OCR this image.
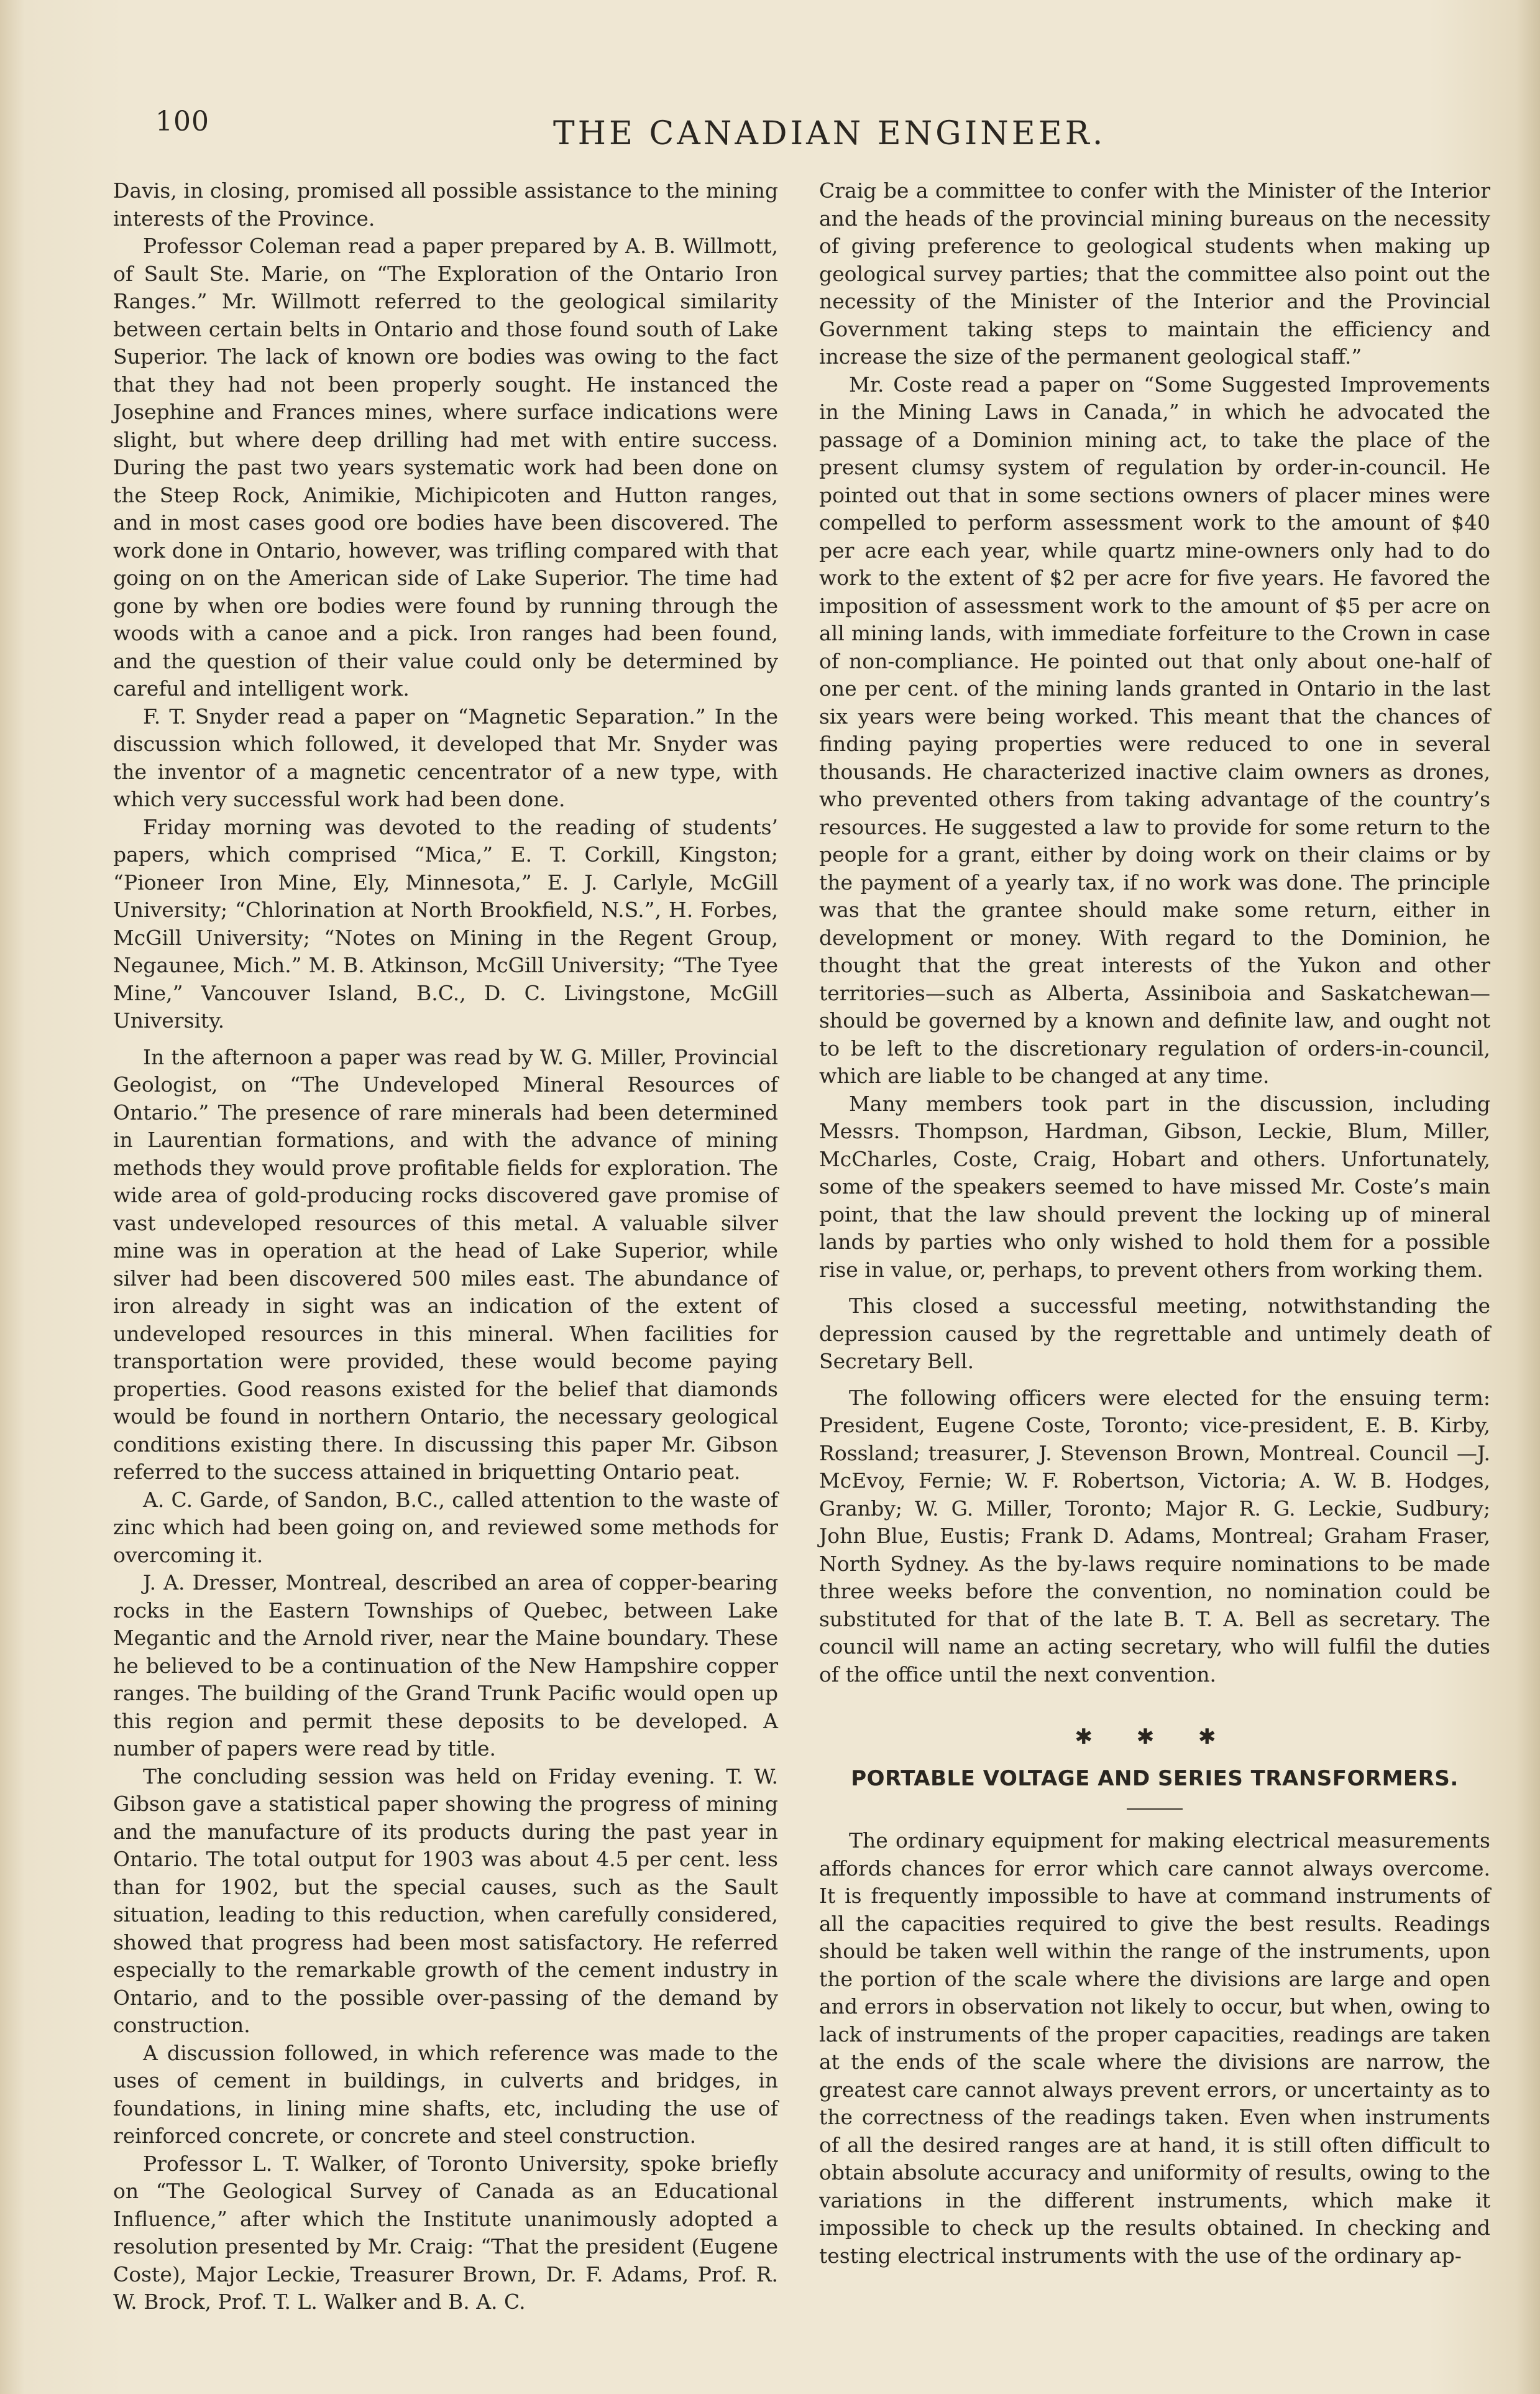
100	THE CANADIAN ENGINEER.

Davis, in closing, promised all possible assistance to the mining interests of the Province.

Professor Coleman read a paper prepared by A. B. Willmott, of Sault Ste. Marie, on “The Exploration of the Ontario Iron Ranges.” Mr. Willmott referred to the geological similarity between certain belts in Ontario and those found south of Lake Superior. The lack of known ore bodies was owing to the fact that they had not been properly sought. He instanced the Josephine and Frances mines, where surface indications were slight, but where deep drilling had met with entire success. During the past two years systematic work had been done on the Steep Rock, Animikie, Michipicoten and Hutton ranges, and in most cases good ore bodies have been discovered. The work done in Ontario, however, was trifling compared with that going on on the American side of Lake Superior. The time had gone by when ore bodies were found by running through the woods with a canoe and a pick. Iron ranges had been found, and the question of their value could only be determined by careful and intelligent work.

F. T. Snyder read a paper on “Magnetic Separation.” In the discussion which followed, it developed that Mr. Snyder was the inventor of a magnetic cencentrator of a new type, with which very successful work had been done.

Friday morning was devoted to the reading of students’ papers, which comprised “Mica,” E. T. Corkill, Kingston; “Pioneer Iron Mine, Ely, Minnesota,” E. J. Carlyle, McGill University; “Chlorination at North Brookfield, N.S.”, H. Forbes, McGill University; “Notes on Mining in the Regent Group, Negaunee, Mich.” M. B. Atkinson, McGill University; “The Tyee Mine,” Vancouver Island, B.C., D. C. Livingstone, McGill University.

In the afternoon a paper was read by W. G. Miller, Provincial Geologist, on “The Undeveloped Mineral Resources of Ontario.” The presence of rare minerals had been determined in Laurentian formations, and with the advance of mining methods they would prove profitable fields for exploration. The wide area of gold-producing rocks discovered gave promise of vast undeveloped resources of this metal. A valuable silver mine was in operation at the head of Lake Superior, while silver had been discovered 500 miles east. The abundance of iron already in sight was an indication of the extent of undeveloped resources in this mineral. When facilities for transportation were provided, these would become paying properties. Good reasons existed for the belief that diamonds would be found in northern Ontario, the necessary geological conditions existing there. In discussing this paper Mr. Gibson referred to the success attained in briquetting Ontario peat.

A. C. Garde, of Sandon, B.C., called attention to the waste of zinc which had been going on, and reviewed some methods for overcoming it.

J. A. Dresser, Montreal, described an area of copper-bearing rocks in the Eastern Townships of Quebec, between Lake Megantic and the Arnold river, near the Maine boundary. These he believed to be a continuation of the New Hampshire copper ranges. The building of the Grand Trunk Pacific would open up this region and permit these deposits to be developed. A number of papers were read by title.

The concluding session was held on Friday evening. T. W. Gibson gave a statistical paper showing the progress of mining and the manufacture of its products during the past year in Ontario. The total output for 1903 was about 4.5 per cent. less than for 1902, but the special causes, such as the Sault situation, leading to this reduction, when carefully considered, showed that progress had been most satisfactory. He referred especially to the remarkable growth of the cement industry in Ontario, and to the possible over-passing of the demand by construction.

A discussion followed, in which reference was made to the uses of cement in buildings, in culverts and bridges, in foundations, in lining mine shafts, etc, including the use of reinforced concrete, or concrete and steel construction.

Professor L. T. Walker, of Toronto University, spoke briefly on “The Geological Survey of Canada as an Educational Influence,” after which the Institute unanimously adopted a resolution presented by Mr. Craig: “That the president (Eugene Coste), Major Leckie, Treasurer Brown, Dr. F. Adams, Prof. R. W. Brock, Prof. T. L. Walker and B. A. C.

Craig be a committee to confer with the Minister of the Interior and the heads of the provincial mining bureaus on the necessity of giving preference to geological students when making up geological survey parties; that the committee also point out the necessity of the Minister of the Interior and the Provincial Government taking steps to maintain the efficiency and increase the size of the permanent geological staff.”

Mr. Coste read a paper on “Some Suggested Improvements in the Mining Laws in Canada,” in which he advocated the passage of a Dominion mining act, to take the place of the present clumsy system of regulation by order-in-council. He pointed out that in some sections owners of placer mines were compelled to perform assessment work to the amount of $40 per acre each year, while quartz mine-owners only had to do work to the extent of $2 per acre for five years. He favored the imposition of assessment work to the amount of $5 per acre on all mining lands, with immediate forfeiture to the Crown in case of non-compliance. He pointed out that only about one-half of one per cent. of the mining lands granted in Ontario in the last six years were being worked. This meant that the chances of finding paying properties were reduced to one in several thousands. He characterized inactive claim owners as drones, who prevented others from taking advantage of the country’s resources. He suggested a law to provide for some return to the people for a grant, either by doing work on their claims or by the payment of a yearly tax, if no work was done. The principle was that the grantee should make some return, either in development or money. With regard to the Dominion, he thought that the great interests of the Yukon and other territories—such as Alberta, Assiniboia and Saskatchewan—should be governed by a known and definite law, and ought not to be left to the discretionary regulation of orders-in-council, which are liable to be changed at any time.

Many members took part in the discussion, including Messrs. Thompson, Hardman, Gibson, Leckie, Blum, Miller, McCharles, Coste, Craig, Hobart and others. Unfortunately, some of the speakers seemed to have missed Mr. Coste’s main point, that the law should prevent the locking up of mineral lands by parties who only wished to hold them for a possible rise in value, or, perhaps, to prevent others from working them.

This closed a successful meeting, notwithstanding the depression caused by the regrettable and untimely death of Secretary Bell.

The following officers were elected for the ensuing term: President, Eugene Coste, Toronto; vice-president, E. B. Kirby, Rossland; treasurer, J. Stevenson Brown, Montreal. Council —J. McEvoy, Fernie; W. F. Robertson, Victoria; A. W. B. Hodges, Granby; W. G. Miller, Toronto; Major R. G. Leckie, Sudbury; John Blue, Eustis; Frank D. Adams, Montreal; Graham Fraser, North Sydney. As the by-laws require nominations to be made three weeks before the convention, no nomination could be substituted for that of the late B. T. A. Bell as secretary. The council will name an acting secretary, who will fulfil the duties of the office until the next convention.

✱ ✱ ✱
PORTABLE VOLTAGE AND SERIES TRANSFORMERS.

The ordinary equipment for making electrical measurements affords chances for error which care cannot always overcome. It is frequently impossible to have at command instruments of all the capacities required to give the best results. Readings should be taken well within the range of the instruments, upon the portion of the scale where the divisions are large and open and errors in observation not likely to occur, but when, owing to lack of instruments of the proper capacities, readings are taken at the ends of the scale where the divisions are narrow, the greatest care cannot always prevent errors, or uncertainty as to the correctness of the readings taken. Even when instruments of all the desired ranges are at hand, it is still often difficult to obtain absolute accuracy and uniformity of results, owing to the variations in the different instruments, which make it impossible to check up the results obtained. In checking and testing electrical instruments with the use of the ordinary ap-
